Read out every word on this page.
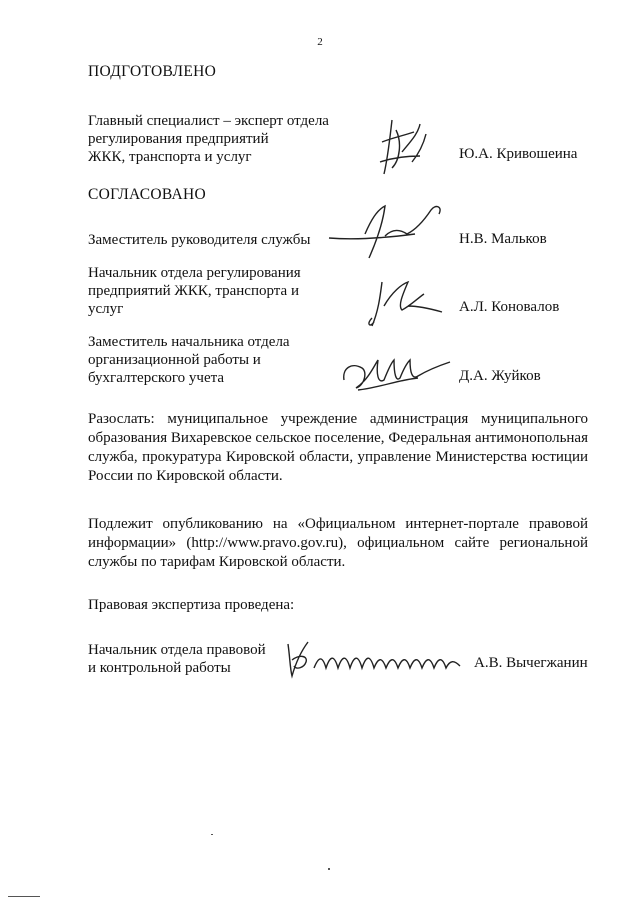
2
ПОДГОТОВЛЕНО
Главный специалист – эксперт отдела
регулирования предприятий
ЖКК, транспорта и услуг	Ю.А. Кривошеина
СОГЛАСОВАНО
Заместитель руководителя службы	Н.В. Мальков
Начальник отдела регулирования
предприятий ЖКК, транспорта и
услуг	А.Л. Коновалов
Заместитель начальника отдела
организационной работы и
бухгалтерского учета	Д.А. Жуйков
Разослать: муниципальное учреждение администрация муниципального
образования Вихаревское сельское поселение, Федеральная антимонопольная
служба, прокуратура Кировской области, управление Министерства юстиции
России по Кировской области.
Подлежит опубликованию на «Официальном интернет-портале правовой
информации» (http://www.pravo.gov.ru), официальном сайте региональной
службы по тарифам Кировской области.
Правовая экспертиза проведена:
Начальник отдела правовой
и контрольной работы	А.В. Вычегжанин
